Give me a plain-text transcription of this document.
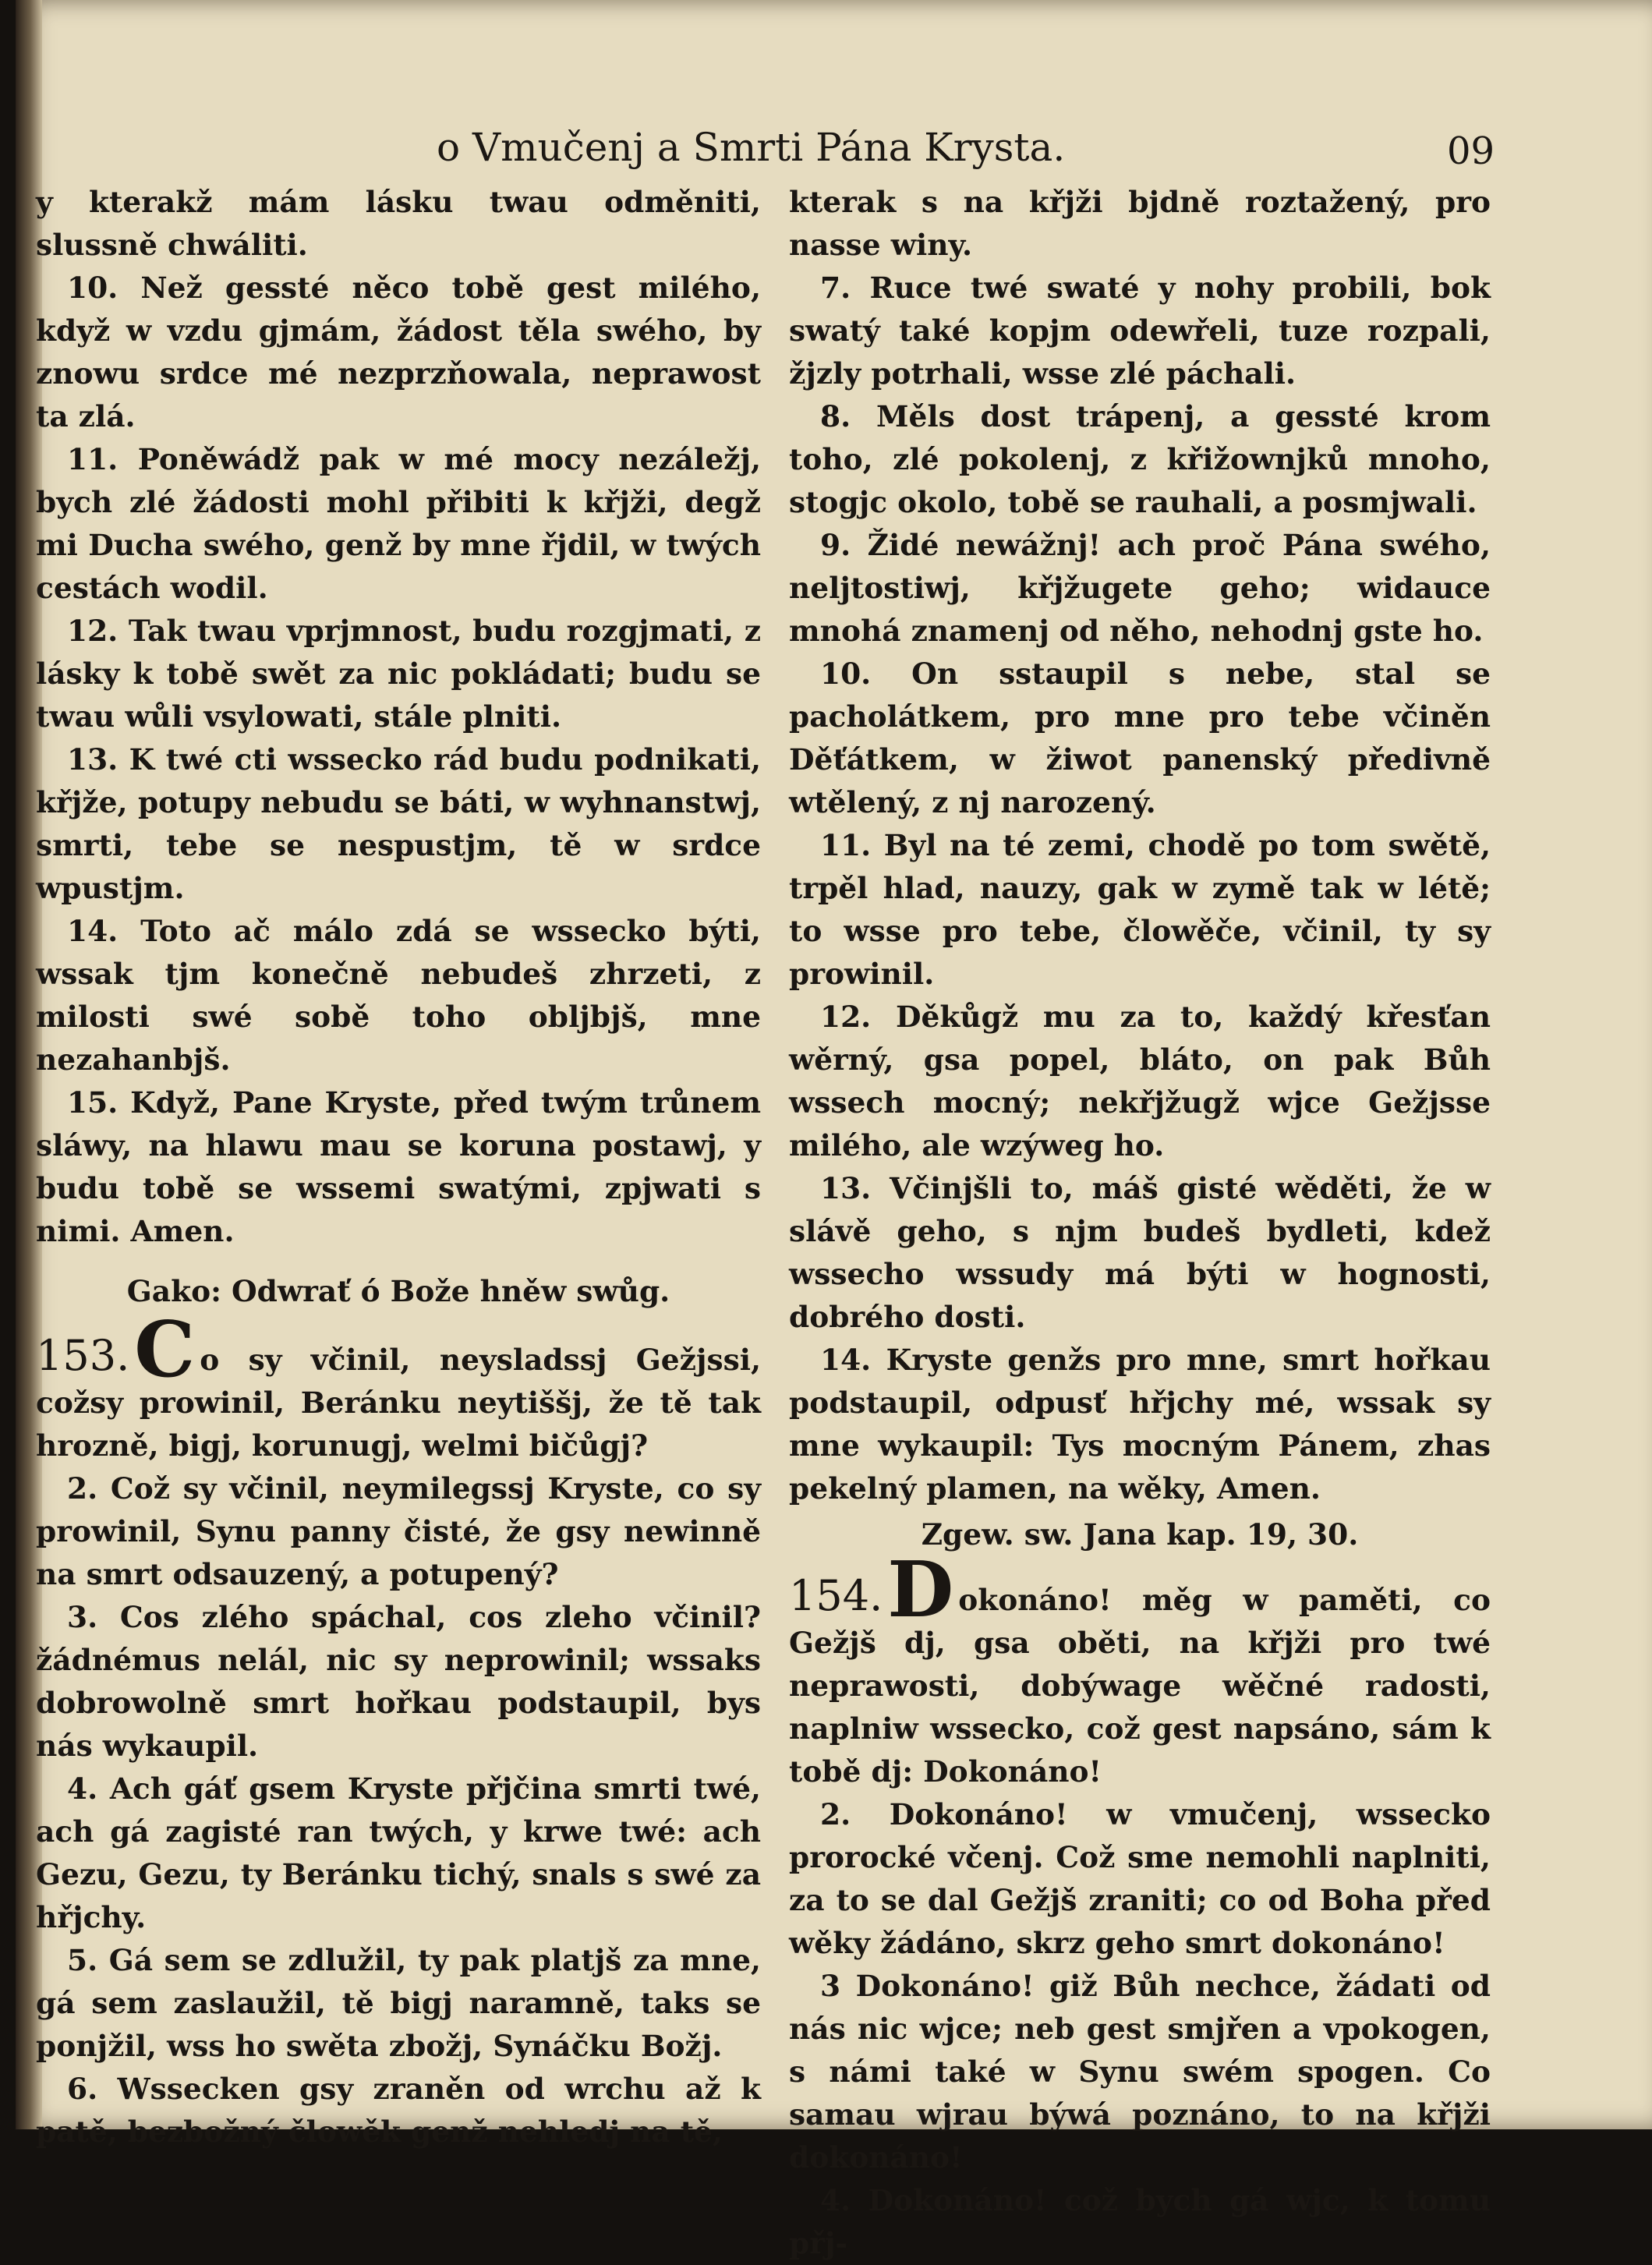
o Vmučenj a Smrti Pána Krysta.	09

y kterakž mám lásku twau odměniti, slussně chwáliti.

10. Než gessté něco tobě gest milého, když w vzdu gjmám, žádost těla swého, by znowu srdce mé nezprzňowala, neprawost ta zlá.

11. Poněwádž pak w mé mocy nezáležj, bych zlé žádosti mohl přibiti k křjži, degž mi Ducha swého, genž by mne řjdil, w twých cestách wodil.

12. Tak twau vprjmnost, budu rozgjmati, z lásky k tobě swět za nic pokládati; budu se twau wůli vsylowati, stále plniti.

13. K twé cti wssecko rád budu podnikati, křjže, potupy nebudu se báti, w wyhnanstwj, smrti, tebe se nespustjm, tě w srdce wpustjm.

14. Toto ač málo zdá se wssecko býti, wssak tjm konečně nebudeš zhrzeti, z milosti swé sobě toho obljbjš, mne nezahanbjš.

15. Když, Pane Kryste, před twým trůnem sláwy, na hlawu mau se koruna postawj, y budu tobě se wssemi swatými, zpjwati s nimi. Amen.

Gako: Odwrať ó Bože hněw swůg.

153.C o sy včinil, neysladssj Gežjssi, cožsy prowinil, Beránku neytiššj, že tě tak hrozně, bigj, korunugj, welmi bičůgj?

2. Což sy včinil, neymilegssj Kryste, co sy prowinil, Synu panny čisté, že gsy newinně na smrt odsauzený, a potupený?

3. Cos zlého spáchal, cos zleho včinil? žádnémus nelál, nic sy neprowinil; wssaks dobrowolně smrt hořkau podstaupil, bys nás wykaupil.

4. Ach gáť gsem Kryste přjčina smrti twé, ach gá zagisté ran twých, y krwe twé: ach Gezu, Gezu, ty Beránku tichý, snals s swé za hřjchy.

5. Gá sem se zdlužil, ty pak platjš za mne, gá sem zaslaužil, tě bigj naramně, taks se ponjžil, wss ho swěta zbožj, Synáčku Božj.

6. Wssecken gsy zraněn od wrchu až k patě, bezbožný člowěk genž nehledj na tě,

kterak s na křjži bjdně roztažený, pro nasse winy.

7. Ruce twé swaté y nohy probili, bok swatý také kopjm odewřeli, tuze rozpali, žjzly potrhali, wsse zlé páchali.

8. Měls dost trápenj, a gessté krom toho, zlé pokolenj, z křižownjků mnoho, stogjc okolo, tobě se rauhali, a posmjwali.

9. Židé newážnj! ach proč Pána swého, neljtostiwj, křjžugete geho; widauce mnohá znamenj od něho, nehodnj gste ho.

10. On sstaupil s nebe, stal se pacholátkem, pro mne pro tebe včiněn Děťátkem, w žiwot panenský předivně wtělený, z nj narozený.

11. Byl na té zemi, chodě po tom swětě, trpěl hlad, nauzy, gak w zymě tak w létě; to wsse pro tebe, člowěče, včinil, ty sy prowinil.

12. Děkůgž mu za to, každý křesťan wěrný, gsa popel, bláto, on pak Bůh wssech mocný; nekřjžugž wjce Gežjsse milého, ale wzýweg ho.

13. Včinjšli to, máš gisté wěděti, že w slávě geho, s njm budeš bydleti, kdež wssecho wssudy má býti w hognosti, dobrého dosti.

14. Kryste genžs pro mne, smrt hořkau podstaupil, odpusť hřjchy mé, wssak sy mne wykaupil: Tys mocným Pánem, zhas pekelný plamen, na wěky, Amen.

Zgew. sw. Jana kap. 19, 30.

154.D okonáno! měg w paměti, co Gežjš dj, gsa oběti, na křjži pro twé neprawosti, dobýwage wěčné radosti, naplniw wssecko, což gest napsáno, sám k tobě dj: Dokonáno!

2. Dokonáno! w vmučenj, wssecko prorocké včenj. Což sme nemohli naplniti, za to se dal Gežjš zraniti; co od Boha před wěky žádáno, skrz geho smrt dokonáno!

3 Dokonáno! giž Bůh nechce, žádati od nás nic wjce; neb gest smjřen a vpokogen, s námi také w Synu swém spogen. Co samau wjrau býwá poznáno, to na křjži dokonáno!

4. Dokonáno! což bych gá wjc, k tomu přj-
